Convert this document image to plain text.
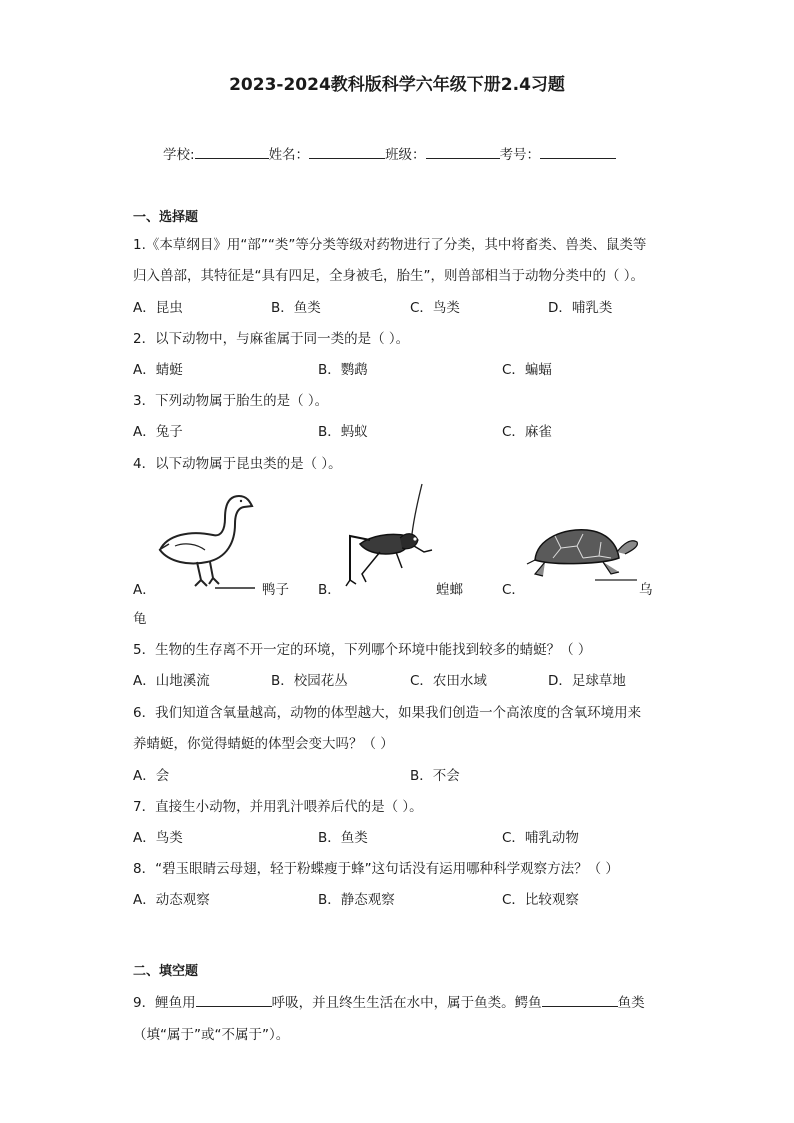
2023-2024教科版科学六年级下册2.4习题
学校:	姓名：	班级：	考号：
一、选择题
1.《本草纲目》用“部”“类”等分类等级对药物进行了分类，其中将畜类、兽类、鼠类等
归入兽部，其特征是“具有四足，全身被毛，胎生”，则兽部相当于动物分类中的（ ）。
A．昆虫	B．鱼类	C．鸟类	D．哺乳类
2．以下动物中，与麻雀属于同一类的是（ ）。
A．蜻蜓	B．鹦鹉	C．蝙蝠
3．下列动物属于胎生的是（ ）。
A．兔子	B．蚂蚁	C．麻雀
4．以下动物属于昆虫类的是（ ）。
A．	鸭子 B．	蝗螂	C．	乌
龟
5．生物的生存离不开一定的环境，下列哪个环境中能找到较多的蜻蜓？（ ）
A．山地溪流	B．校园花丛	C．农田水域	D．足球草地
6．我们知道含氧量越高，动物的体型越大，如果我们创造一个高浓度的含氧环境用来
养蜻蜓，你觉得蜻蜓的体型会变大吗？（ ）
A．会	B．不会
7．直接生小动物，并用乳汁喂养后代的是（ ）。
A．鸟类	B．鱼类	C．哺乳动物
8．“碧玉眼睛云母翅，轻于粉蝶瘦于蜂”这句话没有运用哪种科学观察方法？（ ）
A．动态观察	B．静态观察	C．比较观察
二、填空题
9．鲤鱼用	呼吸，并且终生生活在水中，属于鱼类。鳄鱼	鱼类
（填“属于”或“不属于”）。
